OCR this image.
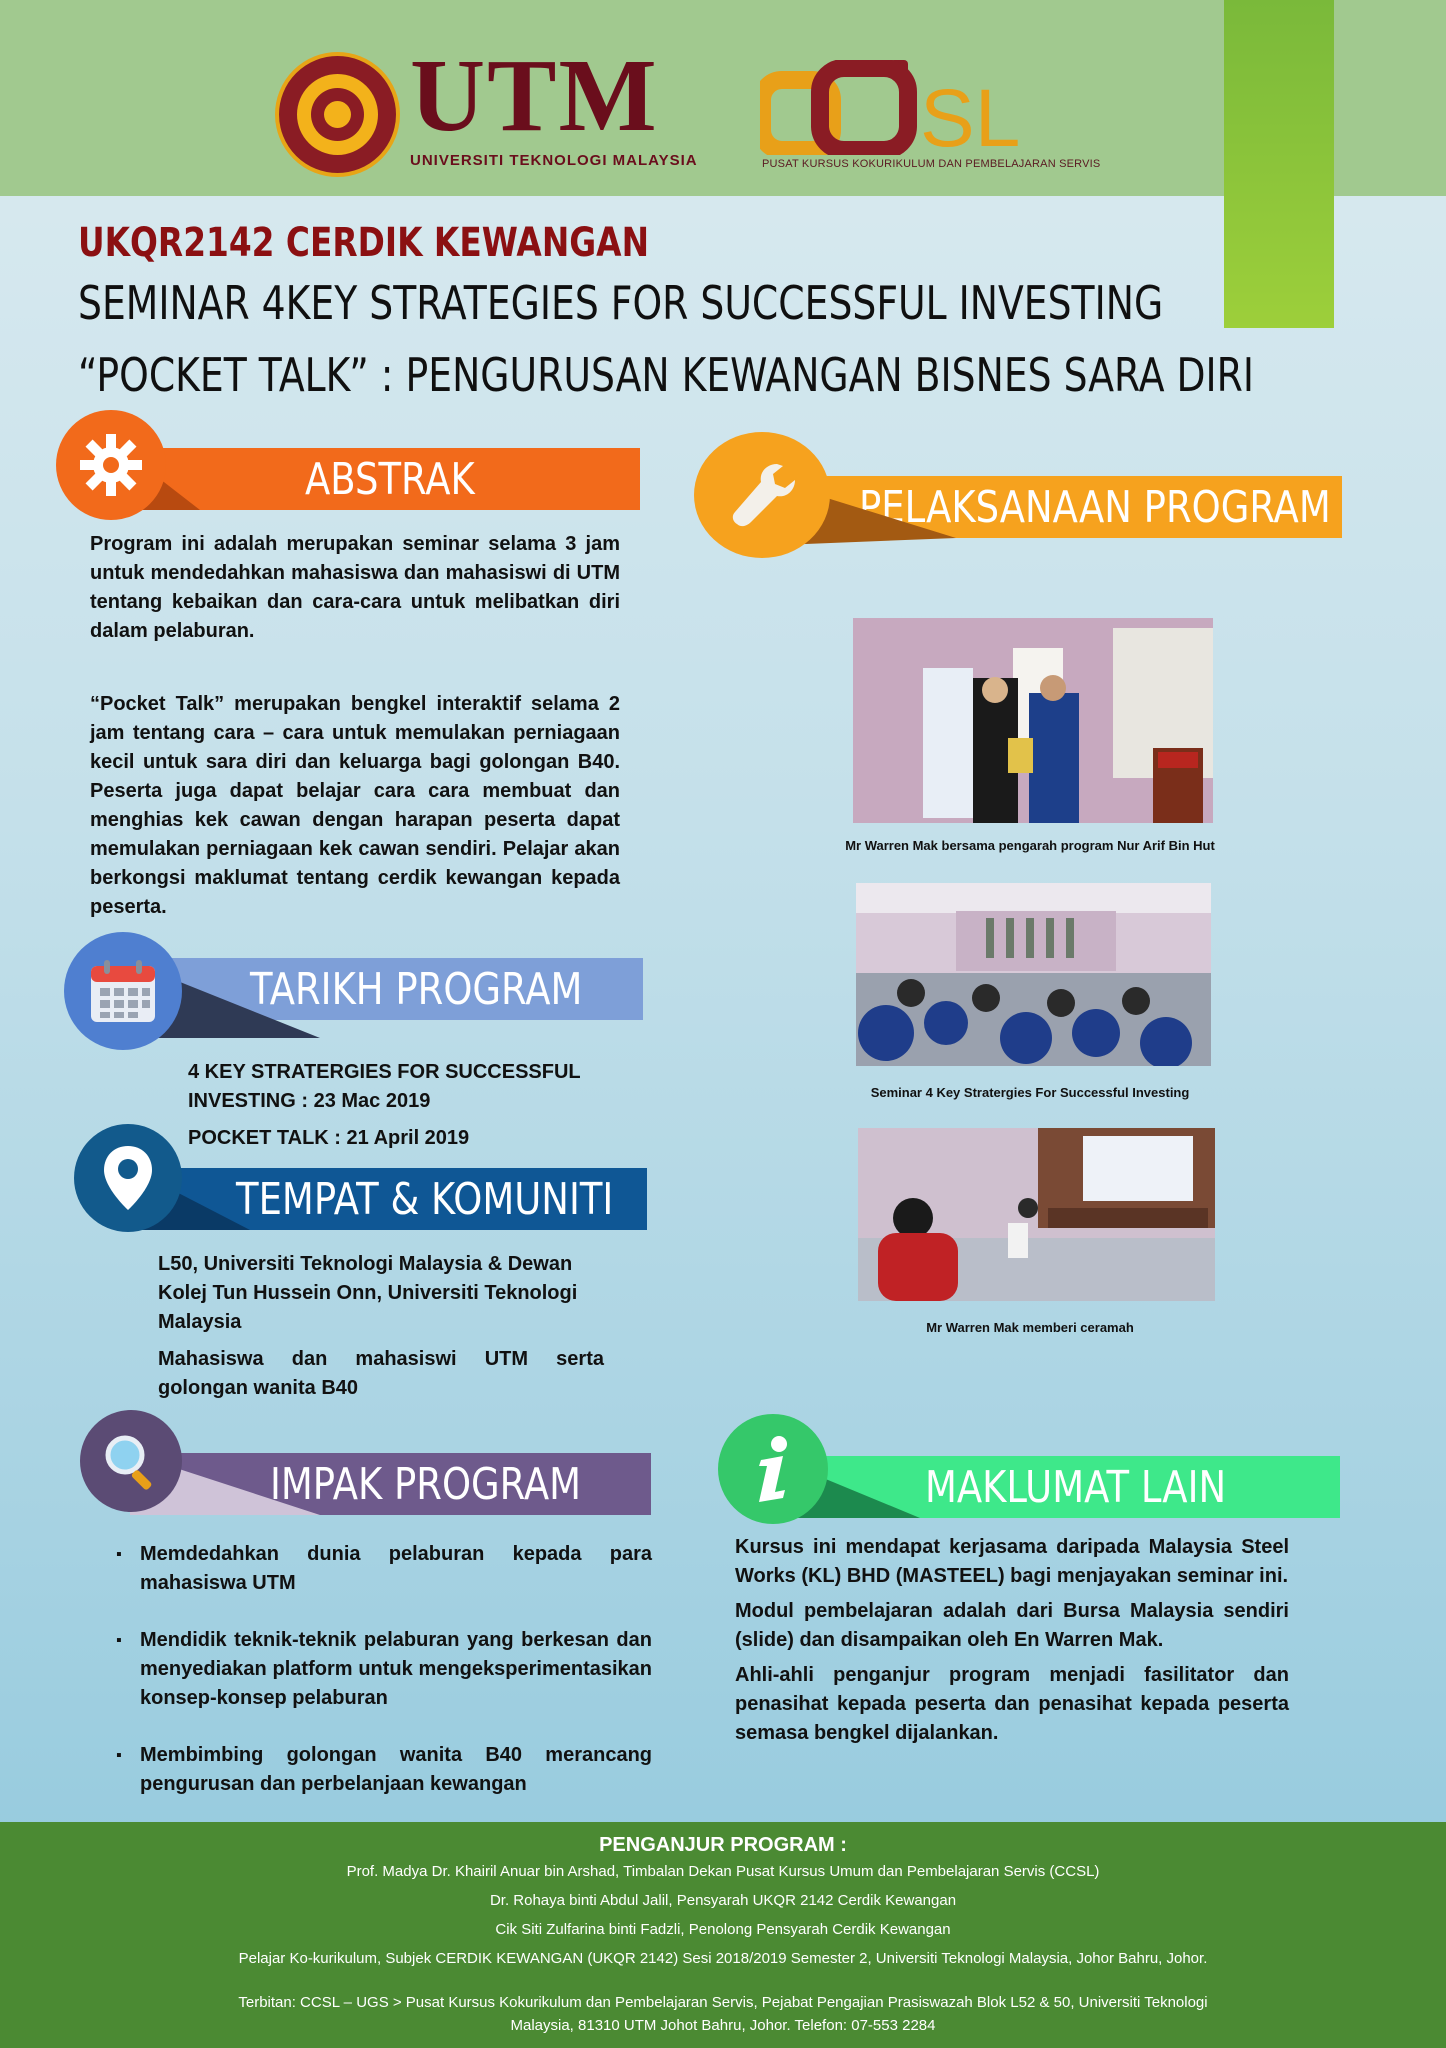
UTM
UNIVERSITI TEKNOLOGI MALAYSIA	SL
PUSAT KURSUS KOKURIKULUM DAN PEMBELAJARAN SERVIS
UKQR2142 CERDIK KEWANGAN
SEMINAR 4KEY STRATEGIES FOR SUCCESSFUL INVESTING
“POCKET TALK” : PENGURUSAN KEWANGAN BISNES SARA DIRI
ABSTRAK

Program ini adalah merupakan seminar selama 3 jam untuk mendedahkan mahasiswa dan mahasiswi di UTM tentang kebaikan dan cara-cara untuk melibatkan diri dalam pelaburan.

“Pocket Talk” merupakan bengkel interaktif selama 2 jam tentang cara – cara untuk memulakan perniagaan kecil untuk sara diri dan keluarga bagi golongan B40. Peserta juga dapat belajar cara cara membuat dan menghias kek cawan dengan harapan peserta dapat memulakan perniagaan kek cawan sendiri. Pelajar akan berkongsi maklumat tentang cerdik kewangan kepada peserta.

TARIKH PROGRAM
4 KEY STRATERGIES FOR SUCCESSFUL
INVESTING : 23 Mac 2019
POCKET TALK : 21 April 2019
TEMPAT & KOMUNITI

L50, Universiti Teknologi Malaysia & Dewan Kolej Tun Hussein Onn, Universiti Teknologi Malaysia

Mahasiswa dan mahasiswi UTM serta golongan wanita B40

IMPAK PROGRAM
▪ Memdedahkan dunia pelaburan kepada para mahasiswa UTM
▪ Mendidik teknik-teknik pelaburan yang berkesan dan menyediakan platform untuk mengeksperimentasikan konsep-konsep pelaburan
▪ Membimbing golongan wanita B40 merancang pengurusan dan perbelanjaan kewangan
PELAKSANAAN PROGRAM
Mr Warren Mak bersama pengarah program Nur Arif Bin Hut
Seminar 4 Key Stratergies For Successful Investing
Mr Warren Mak memberi ceramah
MAKLUMAT LAIN

Kursus ini mendapat kerjasama daripada Malaysia Steel Works (KL) BHD (MASTEEL) bagi menjayakan seminar ini.

Modul pembelajaran adalah dari Bursa Malaysia sendiri (slide) dan disampaikan oleh En Warren Mak.

Ahli-ahli penganjur program menjadi fasilitator dan penasihat kepada peserta dan penasihat kepada peserta semasa bengkel dijalankan.

PENGANJUR PROGRAM :
Prof. Madya Dr. Khairil Anuar bin Arshad, Timbalan Dekan Pusat Kursus Umum dan Pembelajaran Servis (CCSL)
Dr. Rohaya binti Abdul Jalil, Pensyarah UKQR 2142 Cerdik Kewangan
Cik Siti Zulfarina binti Fadzli, Penolong Pensyarah Cerdik Kewangan
Pelajar Ko-kurikulum, Subjek CERDIK KEWANGAN (UKQR 2142) Sesi 2018/2019 Semester 2, Universiti Teknologi Malaysia, Johor Bahru, Johor.
Terbitan: CCSL – UGS > Pusat Kursus Kokurikulum dan Pembelajaran Servis, Pejabat Pengajian Prasiswazah Blok L52 & 50, Universiti Teknologi
Malaysia, 81310 UTM Johot Bahru, Johor. Telefon: 07-553 2284
